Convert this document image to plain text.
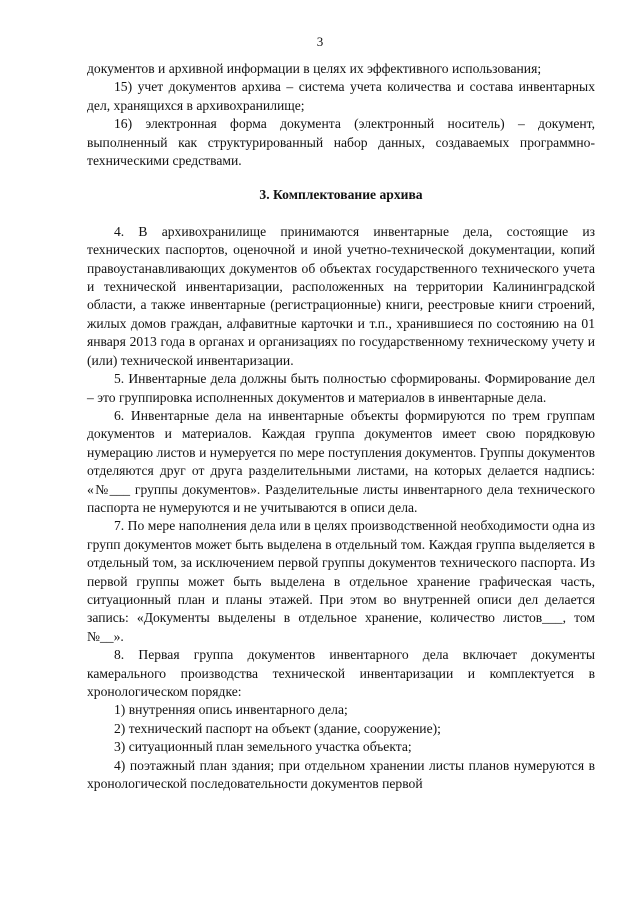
3

документов и архивной информации в целях их эффективного использования;

15) учет документов архива – система учета количества и состава инвентарных дел, хранящихся в архивохранилище;

16) электронная форма документа (электронный носитель) – документ, выполненный как структурированный набор данных, создаваемых программно-техническими средствами.

3. Комплектование архива

4. В архивохранилище принимаются инвентарные дела, состоящие из технических паспортов, оценочной и иной учетно-технической документации, копий правоустанавливающих документов об объектах государственного технического учета и технической инвентаризации, расположенных на территории Калининградской области, а также инвентарные (регистрационные) книги, реестровые книги строений, жилых домов граждан, алфавитные карточки и т.п., хранившиеся по состоянию на 01 января 2013 года в органах и организациях по государственному техническому учету и (или) технической инвентаризации.

5. Инвентарные дела должны быть полностью сформированы. Формирование дел – это группировка исполненных документов и материалов в инвентарные дела.

6. Инвентарные дела на инвентарные объекты формируются по трем группам документов и материалов. Каждая группа документов имеет свою порядковую нумерацию листов и нумеруется по мере поступления документов. Группы документов отделяются друг от друга разделительными листами, на которых делается надпись: «№___ группы документов». Разделительные листы инвентарного дела технического паспорта не нумеруются и не учитываются в описи дела.

7. По мере наполнения дела или в целях производственной необходимости одна из групп документов может быть выделена в отдельный том. Каждая группа выделяется в отдельный том, за исключением первой группы документов технического паспорта. Из первой группы может быть выделена в отдельное хранение графическая часть, ситуационный план и планы этажей. При этом во внутренней описи дел делается запись: «Документы выделены в отдельное хранение, количество листов___, том №__».

8. Первая группа документов инвентарного дела включает документы камерального производства технической инвентаризации и комплектуется в хронологическом порядке:

1) внутренняя опись инвентарного дела;

2) технический паспорт на объект (здание, сооружение);

3) ситуационный план земельного участка объекта;

4) поэтажный план здания; при отдельном хранении листы планов нумеруются в хронологической последовательности документов первой
